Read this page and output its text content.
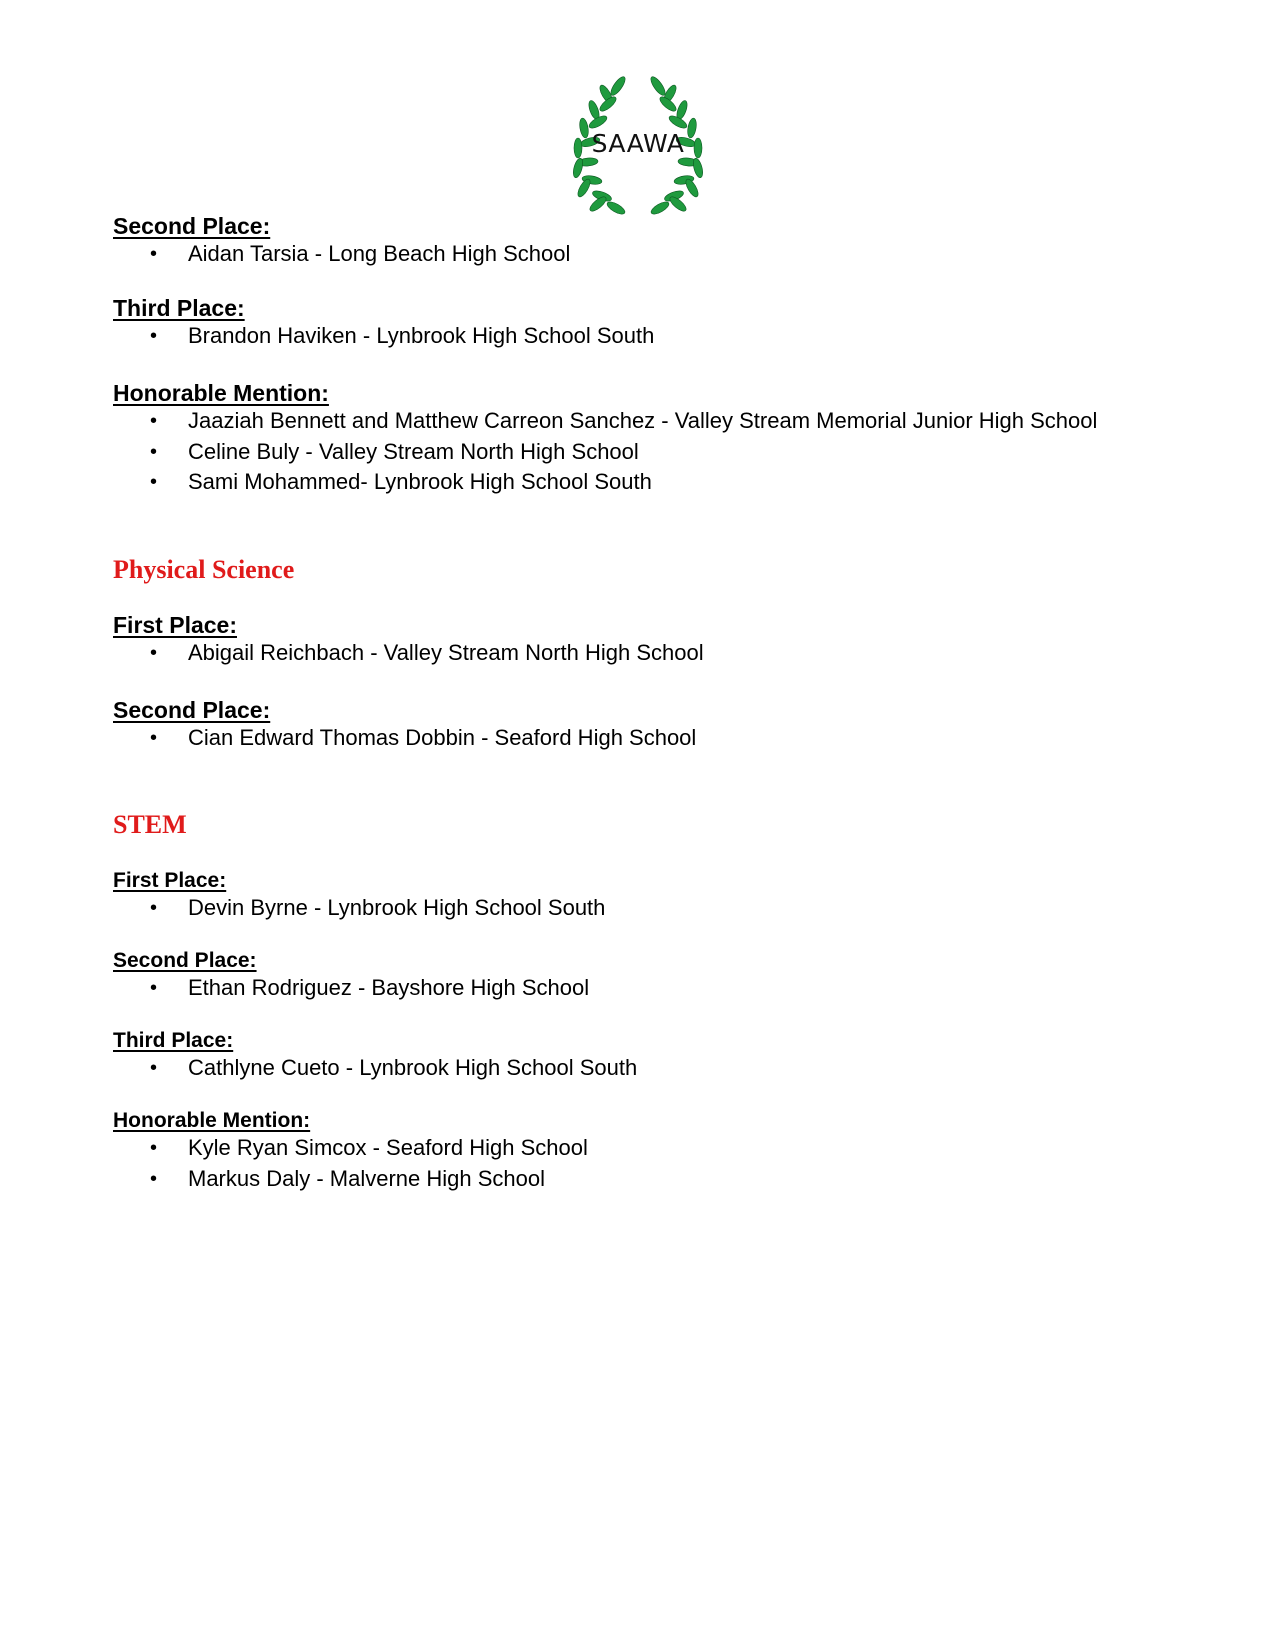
SAAWA
Second Place:
• Aidan Tarsia - Long Beach High School
Third Place:
• Brandon Haviken - Lynbrook High School South
Honorable Mention:
• Jaaziah Bennett and Matthew Carreon Sanchez - Valley Stream Memorial Junior High School
• Celine Buly - Valley Stream North High School
• Sami Mohammed- Lynbrook High School South
Physical Science
First Place:
• Abigail Reichbach - Valley Stream North High School
Second Place:
• Cian Edward Thomas Dobbin - Seaford High School
STEM
First Place:
• Devin Byrne - Lynbrook High School South
Second Place:
• Ethan Rodriguez - Bayshore High School
Third Place:
• Cathlyne Cueto - Lynbrook High School South
Honorable Mention:
• Kyle Ryan Simcox - Seaford High School
• Markus Daly - Malverne High School
